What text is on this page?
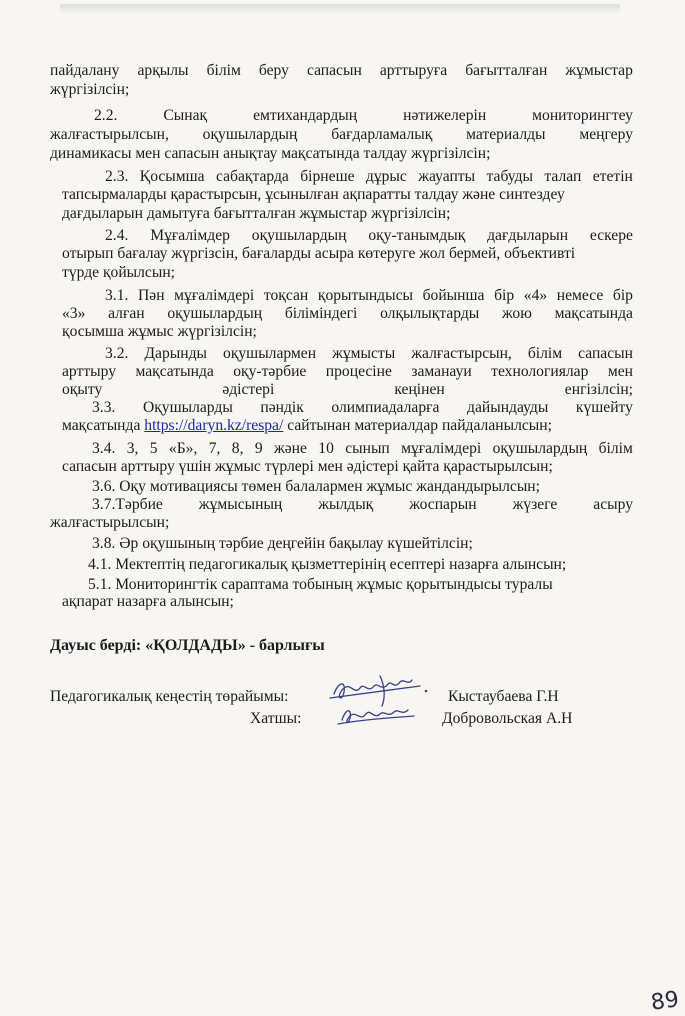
пайдалану арқылы білім беру сапасын арттыруға бағытталған жұмыстар
жүргізілсін;
2.2.	Сынақ	емтихандардың	нәтижелерін	мониторингтеу
жалғастырылсын, оқушылардың бағдарламалық материалды меңгеру
динамикасы мен сапасын анықтау мақсатында талдау жүргізілсін;
2.3. Қосымша сабақтарда бірнеше дұрыс жауапты табуды талап ететін
тапсырмаларды қарастырсын, ұсынылған ақпаратты талдау және синтездеу
дағдыларын дамытуға бағытталған жұмыстар жүргізілсін;
2.4. Мұғалімдер оқушылардың оқу-танымдық дағдыларын ескере
отырып бағалау жүргізсін, бағаларды асыра көтеруге жол бермей, объективті
түрде қойылсын;
3.1. Пән мұғалімдері тоқсан қорытындысы бойынша бір «4» немесе бір
«3» алған оқушылардың біліміндегі олқылықтарды жою мақсатында
қосымша жұмыс жүргізілсін;
3.2. Дарынды оқушылармен жұмысты жалғастырсын, білім сапасын
арттыру мақсатында оқу-тәрбие процесіне заманауи технологиялар мен
оқыту	әдістері	кеңінен	енгізілсін;
3.3. Оқушыларды пәндік олимпиадаларға дайындауды күшейту
мақсатында https://daryn.kz/respa/ сайтынан материалдар пайдаланылсын;
3.4. 3, 5 «Б», 7, 8, 9 және 10 сынып мұғалімдері оқушылардың білім
сапасын арттыру үшін жұмыс түрлері мен әдістері қайта қарастырылсын;
3.6. Оқу мотивациясы төмен балалармен жұмыс жандандырылсын;
3.7.Тәрбие жұмысының жылдық жоспарын жүзеге асыру
жалғастырылсын;
3.8. Әр оқушының тәрбие деңгейін бақылау күшейтілсін;
4.1. Мектептің педагогикалық қызметтерінің есептері назарға алынсын;
5.1. Мониторингтік сараптама тобының жұмыс қорытындысы туралы
ақпарат назарға алынсын;
Дауыс берді: «ҚОЛДАДЫ» - барлығы
Педагогикалық кеңестің төрайымы:
Хатшы:
Кыстаубаева Г.Н
Добровольская А.Н
89
